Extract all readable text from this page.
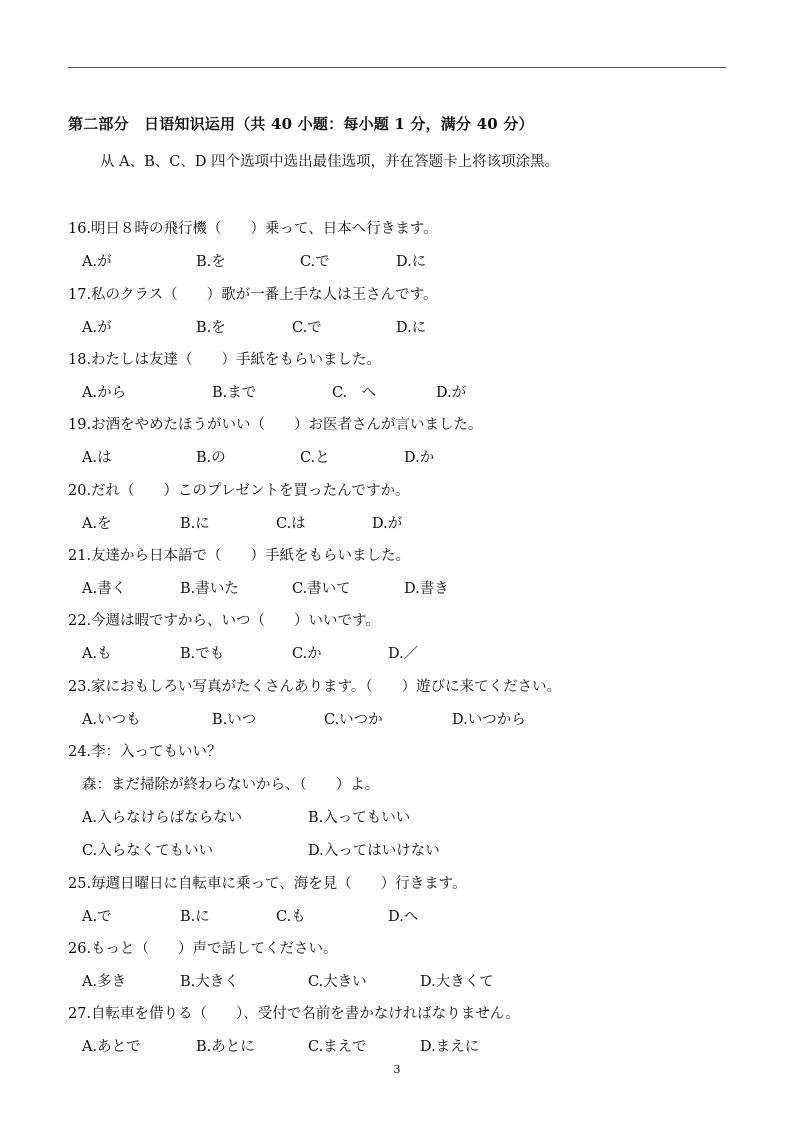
第二部分　日语知识运用（共 40 小题：每小题 1 分，满分 40 分）
从 A、B、C、D 四个选项中选出最佳选项，并在答题卡上将该项涂黑。
16.明日８時の飛行機（　　）乗って、日本へ行きます。
A.が	B.を	C.で	D.に
17.私のクラス（　　）歌が一番上手な人は王さんです。
A.が	B.を	C.で	D.に
18.わたしは友達（　　）手紙をもらいました。
A.から	B.まで	C.　へ	D.が
19.お酒をやめたほうがいい（　　）お医者さんが言いました。
A.は	B.の	C.と	D.か
20.だれ（　　）このプレゼントを買ったんですか。
A.を	B.に	C.は	D.が
21.友達から日本語で（　　）手紙をもらいました。
A.書く	B.書いた	C.書いて	D.書き
22.今週は暇ですから、いつ（　　）いいです。
A.も	B.でも	C.か	D.／
23.家におもしろい写真がたくさんあります。（　　）遊びに来てください。
A.いつも	B.いつ	C.いつか	D.いつから
24.李：入ってもいい？
森：まだ掃除が終わらないから、（　　）よ。
A.入らなけらばならない	B.入ってもいい
C.入らなくてもいい	D.入ってはいけない
25.毎週日曜日に自転車に乗って、海を見（　　）行きます。
A.で	B.に	C.も	D.へ
26.もっと（　　）声で話してください。
A.多き	B.大きく	C.大きい	D.大きくて
27.自転車を借りる（　　）、受付で名前を書かなければなりません。
A.あとで	B.あとに	C.まえで	D.まえに
3
